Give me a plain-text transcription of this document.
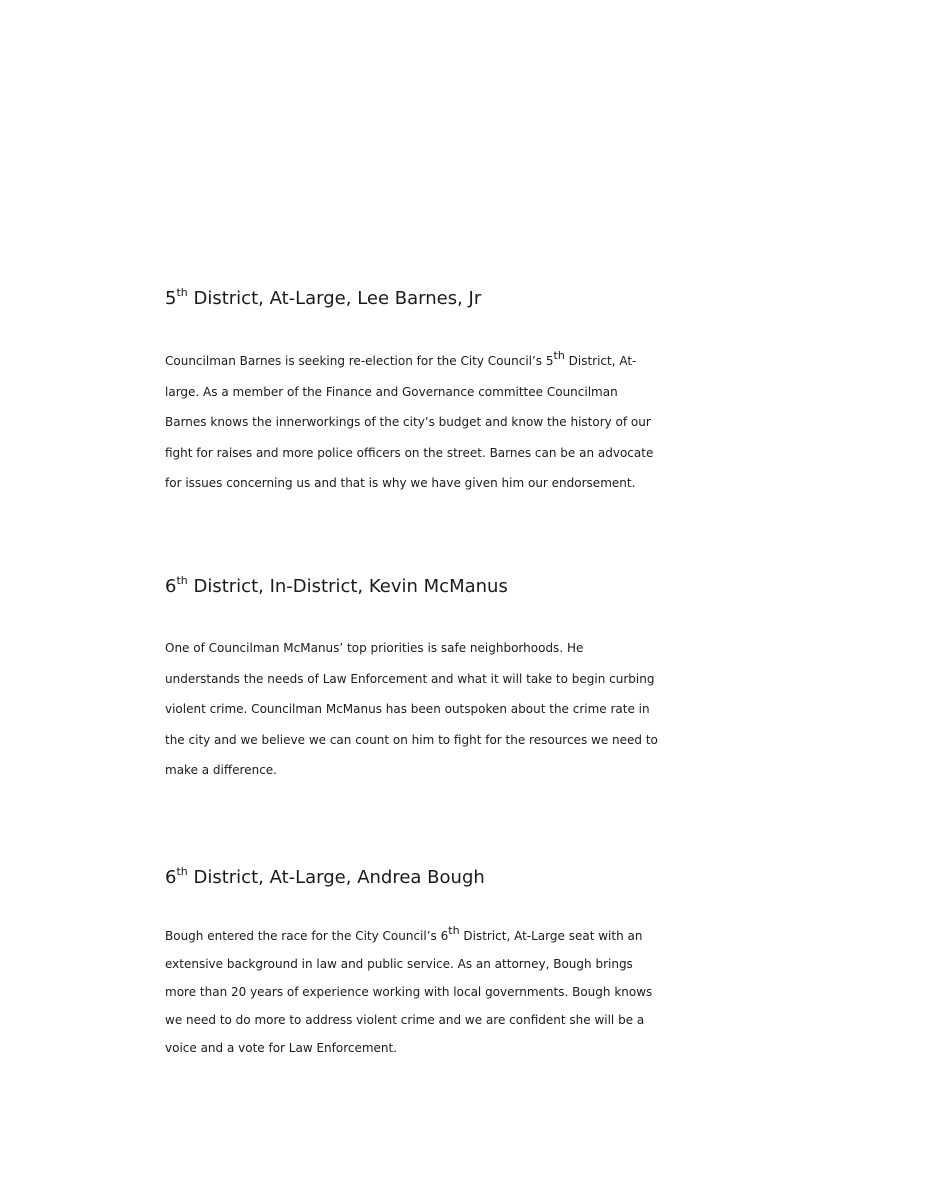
5th District, At-Large, Lee Barnes, Jr
Councilman Barnes is seeking re-election for the City Council’s 5th District, At-
large. As a member of the Finance and Governance committee Councilman
Barnes knows the innerworkings of the city’s budget and know the history of our
fight for raises and more police officers on the street. Barnes can be an advocate
for issues concerning us and that is why we have given him our endorsement.
6th District, In-District, Kevin McManus
One of Councilman McManus’ top priorities is safe neighborhoods. He
understands the needs of Law Enforcement and what it will take to begin curbing
violent crime. Councilman McManus has been outspoken about the crime rate in
the city and we believe we can count on him to fight for the resources we need to
make a difference.
6th District, At-Large, Andrea Bough
Bough entered the race for the City Council’s 6th District, At-Large seat with an
extensive background in law and public service. As an attorney, Bough brings
more than 20 years of experience working with local governments. Bough knows
we need to do more to address violent crime and we are confident she will be a
voice and a vote for Law Enforcement.
